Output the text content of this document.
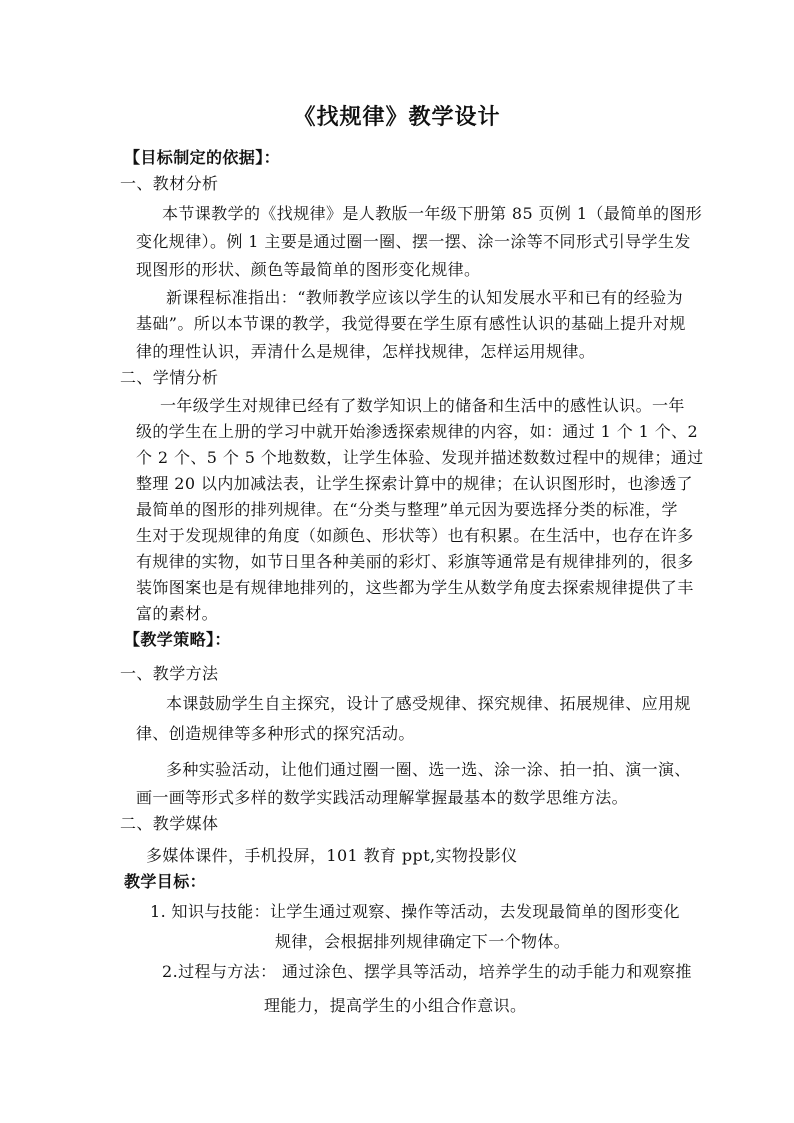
《找规律》教学设计
【目标制定的依据】：
一、教材分析
本节课教学的《找规律》是人教版一年级下册第 85 页例 1（最简单的图形
变化规律）。例 1 主要是通过圈一圈、摆一摆、涂一涂等不同形式引导学生发
现图形的形状、颜色等最简单的图形变化规律。
新课程标准指出：“教师教学应该以学生的认知发展水平和已有的经验为
基础”。所以本节课的教学，我觉得要在学生原有感性认识的基础上提升对规
律的理性认识，弄清什么是规律，怎样找规律，怎样运用规律。
二、学情分析
一年级学生对规律已经有了数学知识上的储备和生活中的感性认识。一年
级的学生在上册的学习中就开始渗透探索规律的内容，如：通过 1 个 1 个、2
个 2 个、5 个 5 个地数数，让学生体验、发现并描述数数过程中的规律；通过
整理 20 以内加减法表，让学生探索计算中的规律；在认识图形时，也渗透了
最简单的图形的排列规律。在“分类与整理”单元因为要选择分类的标准，学
生对于发现规律的角度（如颜色、形状等）也有积累。在生活中，也存在许多
有规律的实物，如节日里各种美丽的彩灯、彩旗等通常是有规律排列的，很多
装饰图案也是有规律地排列的，这些都为学生从数学角度去探索规律提供了丰
富的素材。
【教学策略】：
一、教学方法
本课鼓励学生自主探究，设计了感受规律、探究规律、拓展规律、应用规
律、创造规律等多种形式的探究活动。
多种实验活动，让他们通过圈一圈、选一选、涂一涂、拍一拍、演一演、
画一画等形式多样的数学实践活动理解掌握最基本的数学思维方法。
二、教学媒体
多媒体课件，手机投屏，101 教育 ppt,实物投影仪
教学目标：
1. 知识与技能：让学生通过观察、操作等活动，去发现最简单的图形变化
规律，会根据排列规律确定下一个物体。
2.过程与方法： 通过涂色、摆学具等活动，培养学生的动手能力和观察推
理能力，提高学生的小组合作意识。
